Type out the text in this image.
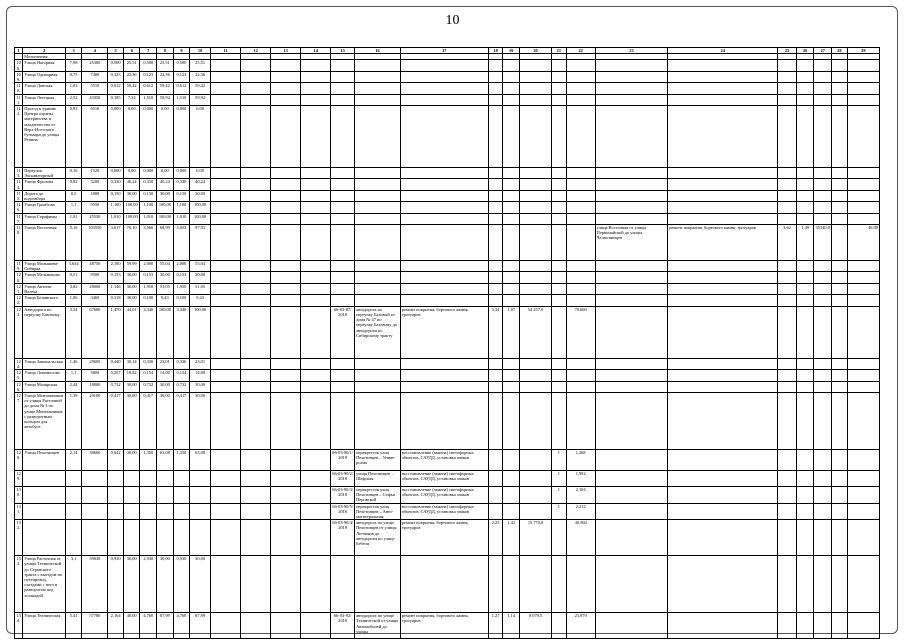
10
1	2	3	4	5	6	7	8	9	10	11	12	13	14	15	16	17	18	19	20	21	22	23	24	25	26	27	28	29
	Мельничная																											
108.	Улица Нагорная	7,98	25380	0,500	25,51	0,500	25,51	0,500	25,51																			
109.	Улица Одинарная	0,75	7400	0,123	22,36	0,123	22,36	0,123	22,36																			
110.	Улица Донская	1,03	5510	0,612	59,42	0,612	59,42	0,612	59,42																			
111.	Улица Летецкая	2,52	43350	0,185	7,34	1,510	59,92	1,510	59,92																			
112.	Проезд к зданию Центра охраны материнства и младенчества от Верх-Исетского бульвара до улицы Репина	0,93	6510	0,000	0,00	0,000	0,00	0,000	0,00																			
113.	Переулок Экскаваторный	0,16	1520	0,000	0,00	0,000	0,00	0,000	0,00																			
114.	Улица Фролова	0,82	5200	0,330	40,24	0,330	40,24	0,330	40,24																			
115.	Дорога до водозабора	0,5	1800	0,150	30,00	0,150	30,00	0,150	30,00																			
116.	Улица Громбова	1,1	9550	1,100	100,00	1,100	100,00	1,100	100,00																			
117.	Улица Серафимы	1,01	25530	1,010	100,00	1,010	100,00	1,010	100,00																			
118.	Улица Восточная	5,16	103550	3,617	70,10	3,560	68,99	5,053	97,93													улица Восточная от улицы Первомайской до улицы Челюскинцев	ремонт покрытия, бортового камня, тротуаров	3,62	1,49	35340,0		46,00
119.	Улица Малышева-Сибирка	3,634	48750	2,180	59,99	2,000	55,04	2,000	55,04																			
120.	Улица Мельникова	0,51	9500	0,153	30,00	0,153	30,00	0,153	30,00																			
121.	Улица Антона-Валека	3,82	28000	1,146	30,00	1,950	51,05	1,950	51,05																			
122.	Улица Белинского	1,06	3460	0,318	30,00	0,100	9,43	0,100	9,43																			
123.	Автодорога по переулку Базовому	3,34	67680	1,470	44,01	3,340	100,00	3,340	100,00					66-03-87/ 2018	автодорога по переулку Базовый от дома № 47 по переулку Базовому до автодороги по Сибирскому тракту	ремонт покрытия, бортового камня, тротуаров	3,34	1,87	54 257,0		70,600							
124.	Улица Закошальская	1,46	29600	0,440	30,14	0,336	23,01	0,336	23,01																			
125.	Улица Ломоносова	1,1	5800	0,207	18,82	0,154	14,00	0,154	14,00																			
126.	Улица Малярская	2,44	18000	0,732	30,00	0,732	30,00	0,732	30,00																			
127.	Улица Монтажников от улицы Расточной до дома № 3 по улице Монтажников с разворотным кольцом для автобуса	1,39	20100	0,417	30,00	0,417	30,00	0,417	30,00																			
128.	Улица Пехотинцев	2,14	39660	0,642	30,00	1,350	63,08	1,350	63,08					66-03-90/1/ 2018	перекресток улиц Пехотинцев – Универсама	восстановление (замена) светофорных объектов, САУДД, установка знаков				1	1,268							
129.														66-03-90/2/ 2018	улица Пехотинцев – Шефская	восстановление (замена) светофорных объектов, САУДД, установка знаков				1	1,992							
130.														66-03-90/3/ 2018	перекресток улиц Пехотинцев – Софьи Перовской	восстановление (замена) светофорных объектов, САУДД, установка знаков				1	2,104							
131.														66-03-90/5/ 2016	перекресток улиц Пехотинцев – Автомагистральная	восстановление (замена) светофорных объектов, САУДД, установка знаков				1	2,212							
132.														66-03-90/4/ 2018	автодорога по улице Пехотинцев от улицы Летчиков до автодороги по улице Бебеля	ремонт покрытия, бортового камня, тротуаров	2,25	1,42	15 770,0		40,560							
133.	Улица Расточная от улицы Технической до Серовского тракта с выездом на путепровод, съездами с него и разворотом под эстакадой	3,1	59030	0,930	30,00	2,930	30,00	0,930	30,00																			
134.	Улица Техническая	5,41	57780	2,164	40,00	4,760	87,99	4,760	87,99					66-03-92/ 2018	автодорога по улице Технической от улицы Автомобилей до улицы	ремонт покрытия, бортового камня, тротуаров	1,27	1,14	8 079,5		23,879							
